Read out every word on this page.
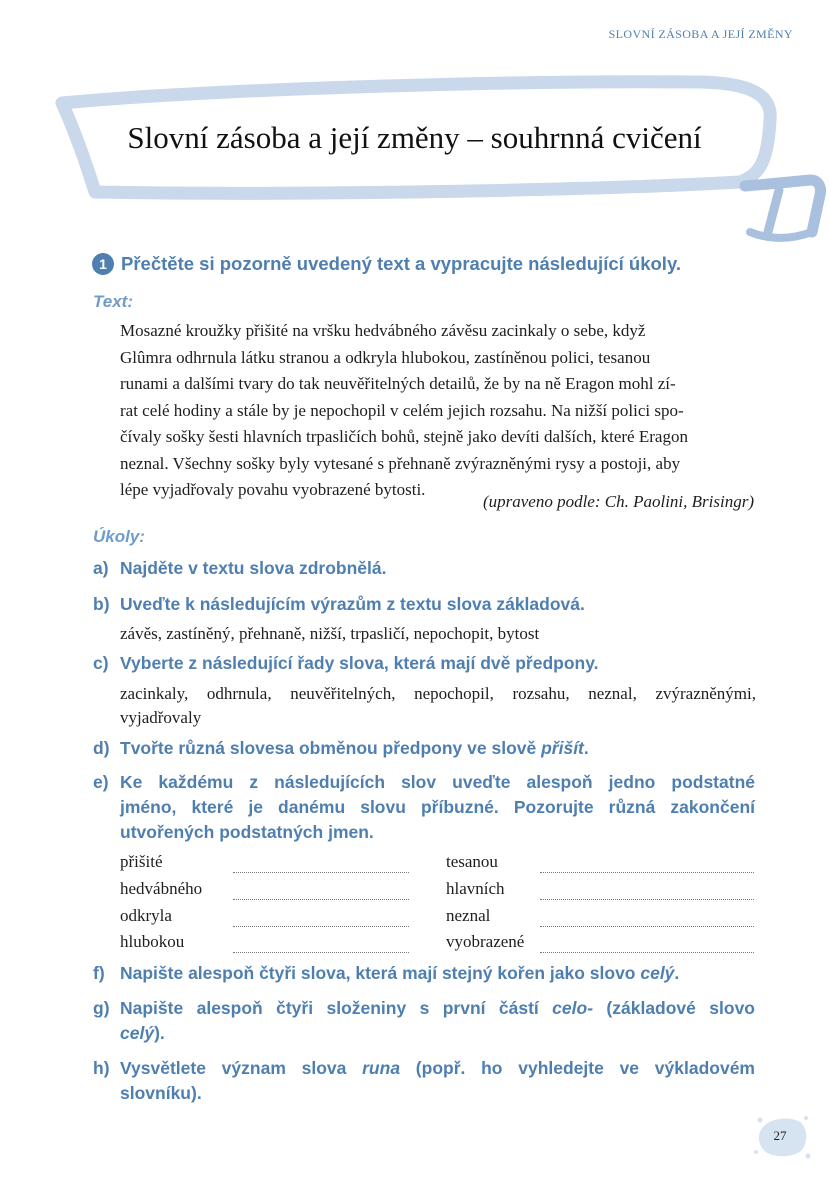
SLOVNÍ ZÁSOBA A JEJÍ ZMĚNY
Slovní zásoba a její změny – souhrnná cvičení
1 Přečtěte si pozorně uvedený text a vypracujte následující úkoly.
Text:

Mosazné kroužky přišité na vršku hedvábného závěsu zacinkaly o sebe, když

Glûmra odhrnula látku stranou a odkryla hlubokou, zastíněnou polici, tesanou

runami a dalšími tvary do tak neuvěřitelných detailů, že by na ně Eragon mohl zí-

rat celé hodiny a stále by je nepochopil v celém jejich rozsahu. Na nižší polici spo-

čívaly sošky šesti hlavních trpasličích bohů, stejně jako devíti dalších, které Eragon

neznal. Všechny sošky byly vytesané s přehnaně zvýrazněnými rysy a postoji, aby

lépe vyjadřovaly povahu vyobrazené bytosti.

(upraveno podle: Ch. Paolini, Brisingr)
Úkoly:
a) Najděte v textu slova zdrobnělá.
b) Uveďte k následujícím výrazům z textu slova základová.
závěs, zastíněný, přehnaně, nižší, trpasličí, nepochopit, bytost
c) Vyberte z následující řady slova, která mají dvě předpony.
zacinkaly, odhrnula, neuvěřitelných, nepochopil, rozsahu, neznal, zvýrazněnými,
vyjadřovaly
d) Tvořte různá slovesa obměnou předpony ve slově přišít.
e) Ke každému z následujících slov uveďte alespoň jedno podstatné
jméno, které je danému slovu příbuzné. Pozorujte různá zakončení
utvořených podstatných jmen.
přišité	tesanou
hedvábného	hlavních
odkryla	neznal
hlubokou	vyobrazené
f) Napište alespoň čtyři slova, která mají stejný kořen jako slovo celý.
g) Napište alespoň čtyři složeniny s první částí celo- (základové slovo
celý).
h) Vysvětlete význam slova runa (popř. ho vyhledejte ve výkladovém
slovníku).
27
